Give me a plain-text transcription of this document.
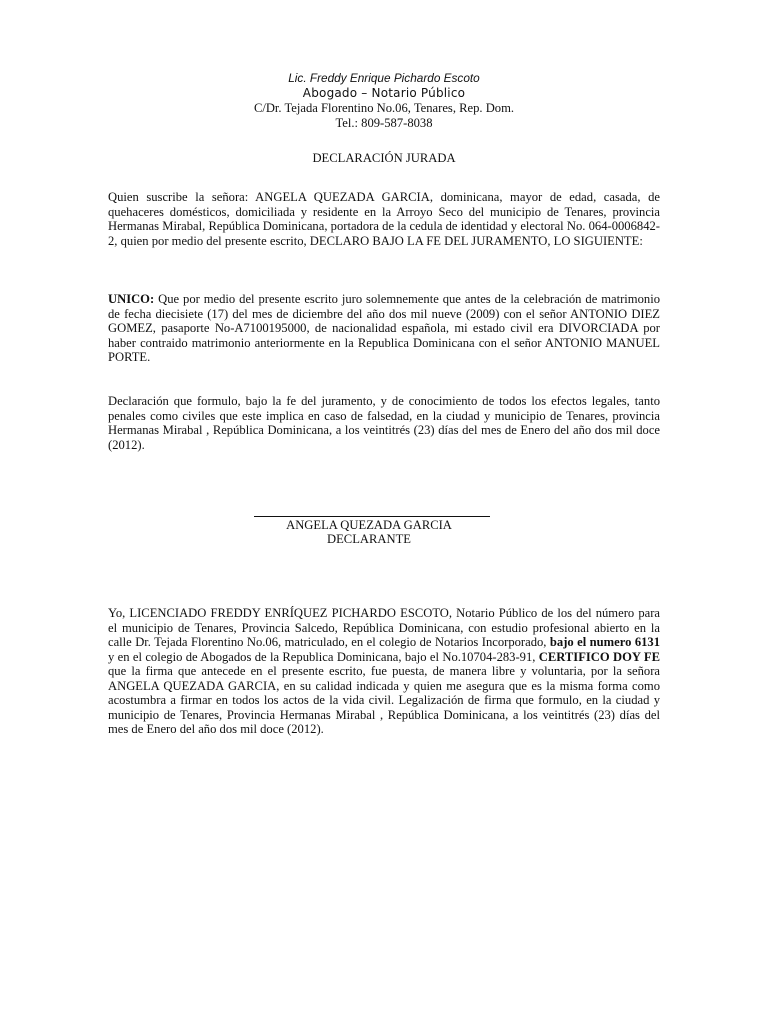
Lic. Freddy Enrique Pichardo Escoto
Abogado – Notario Público
C/Dr. Tejada Florentino No.06, Tenares, Rep. Dom.
Tel.: 809-587-8038
DECLARACIÓN JURADA

Quien suscribe la señora: ANGELA QUEZADA GARCIA, dominicana, mayor de edad, casada, de quehaceres domésticos, domiciliada y residente en la Arroyo Seco del municipio de Tenares, provincia Hermanas Mirabal, República Dominicana, portadora de la cedula de identidad y electoral No. 064-0006842-2, quien por medio del presente escrito, DECLARO BAJO LA FE DEL JURAMENTO, LO SIGUIENTE:

UNICO: Que por medio del presente escrito juro solemnemente que antes de la celebración de matrimonio de fecha diecisiete (17) del mes de diciembre del año dos mil nueve (2009) con el señor ANTONIO DIEZ GOMEZ, pasaporte No-A7100195000, de nacionalidad española, mi estado civil era DIVORCIADA por haber contraido matrimonio anteriormente en la Republica Dominicana con el señor ANTONIO MANUEL PORTE.

Declaración que formulo, bajo la fe del juramento, y de conocimiento de todos los efectos legales, tanto penales como civiles que este implica en caso de falsedad, en la ciudad y municipio de Tenares, provincia Hermanas Mirabal , República Dominicana, a los veintitrés (23) días del mes de Enero del año dos mil doce (2012).

ANGELA QUEZADA GARCIA
DECLARANTE

Yo, LICENCIADO FREDDY ENRÍQUEZ PICHARDO ESCOTO, Notario Público de los del número para el municipio de Tenares, Provincia Salcedo, República Dominicana, con estudio profesional abierto en la calle Dr. Tejada Florentino No.06, matriculado, en el colegio de Notarios Incorporado, bajo el numero 6131 y en el colegio de Abogados de la Republica Dominicana, bajo el No.10704-283-91, CERTIFICO DOY FE que la firma que antecede en el presente escrito, fue puesta, de manera libre y voluntaria, por la señora ANGELA QUEZADA GARCIA, en su calidad indicada y quien me asegura que es la misma forma como acostumbra a firmar en todos los actos de la vida civil. Legalización de firma que formulo, en la ciudad y municipio de Tenares, Provincia Hermanas Mirabal , República Dominicana, a los veintitrés (23) días del mes de Enero del año dos mil doce (2012).
